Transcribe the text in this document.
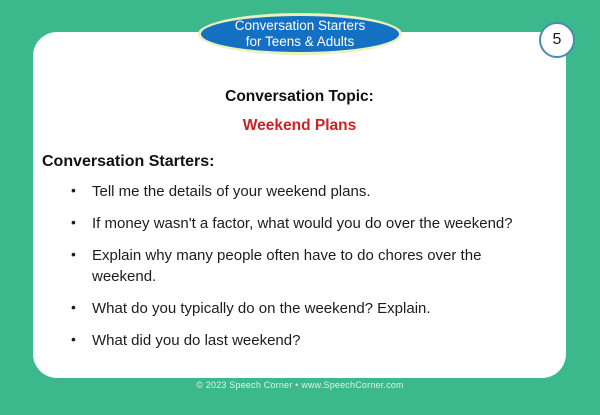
Conversation Starters
for Teens & Adults	5
Conversation Topic:
Weekend Plans
Conversation Starters:
• Tell me the details of your weekend plans.
• If money wasn't a factor, what would you do over the weekend?
• Explain why many people often have to do chores over the weekend.
• What do you typically do on the weekend? Explain.
• What did you do last weekend?
© 2023 Speech Corner • www.SpeechCorner.com
